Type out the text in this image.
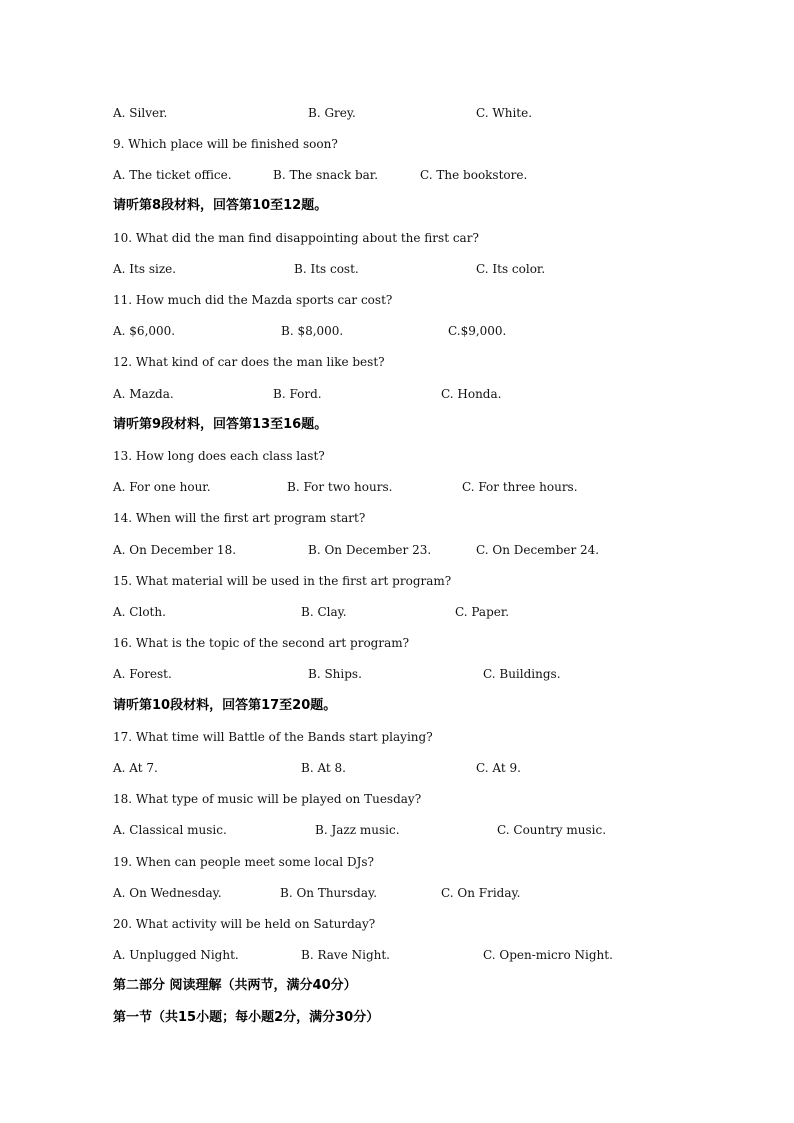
A. Silver.	B. Grey.	C. White.
9. Which place will be finished soon?
A. The ticket office.	B. The snack bar.	C. The bookstore.
请听第8段材料，回答第10至12题。
10. What did the man find disappointing about the first car?
A. Its size.	B. Its cost.	C. Its color.
11. How much did the Mazda sports car cost?
A. $6,000.	B. $8,000.	C.$9,000.
12. What kind of car does the man like best?
A. Mazda.	B. Ford.	C. Honda.
请听第9段材料，回答第13至16题。
13. How long does each class last?
A. For one hour.	B. For two hours.	C. For three hours.
14. When will the first art program start?
A. On December 18.	B. On December 23.	C. On December 24.
15. What material will be used in the first art program?
A. Cloth.	B. Clay.	C. Paper.
16. What is the topic of the second art program?
A. Forest.	B. Ships.	C. Buildings.
请听第10段材料，回答第17至20题。
17. What time will Battle of the Bands start playing?
A. At 7.	B. At 8.	C. At 9.
18. What type of music will be played on Tuesday?
A. Classical music.	B. Jazz music.	C. Country music.
19. When can people meet some local DJs?
A. On Wednesday.	B. On Thursday.	C. On Friday.
20. What activity will be held on Saturday?
A. Unplugged Night.	B. Rave Night.	C. Open-micro Night.
第二部分 阅读理解（共两节，满分40分）
第一节（共15小题；每小题2分，满分30分）
